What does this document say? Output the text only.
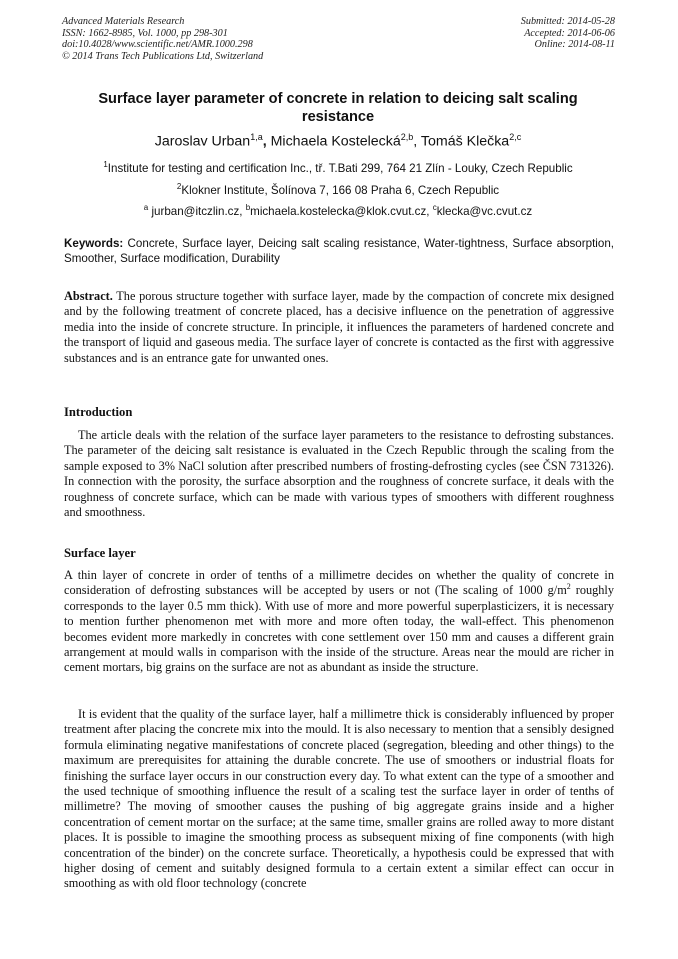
Advanced Materials Research
ISSN: 1662-8985, Vol. 1000, pp 298-301
doi:10.4028/www.scientific.net/AMR.1000.298
© 2014 Trans Tech Publications Ltd, Switzerland
Submitted: 2014-05-28
Accepted: 2014-06-06
Online: 2014-08-11
Surface layer parameter of concrete in relation to deicing salt scaling resistance
Jaroslav Urban$^{1,a}$, Michaela Kostelecká$^{2,b}$, Tomáš Klečka$^{2,c}$
$^1$Institute for testing and certification Inc., tř. T.Bati 299, 764 21 Zlín - Louky, Czech Republic
$^2$Klokner Institute, Šolínova 7, 166 08 Praha 6, Czech Republic
$^a$ jurban@itczlin.cz, $^b$michaela.kostelecka@klok.cvut.cz, $^c$klecka@vc.cvut.cz
Keywords: Concrete, Surface layer, Deicing salt scaling resistance, Water-tightness, Surface absorption, Smoother, Surface modification, Durability
Abstract. The porous structure together with surface layer, made by the compaction of concrete mix designed and by the following treatment of concrete placed, has a decisive influence on the penetration of aggressive media into the inside of concrete structure. In principle, it influences the parameters of hardened concrete and the transport of liquid and gaseous media. The surface layer of concrete is contacted as the first with aggressive substances and is an entrance gate for unwanted ones.
Introduction
The article deals with the relation of the surface layer parameters to the resistance to defrosting substances. The parameter of the deicing salt resistance is evaluated in the Czech Republic through the scaling from the sample exposed to 3% NaCl solution after prescribed numbers of frosting-defrosting cycles (see ČSN 731326). In connection with the porosity, the surface absorption and the roughness of concrete surface, it deals with the roughness of concrete surface, which can be made with various types of smoothers with different roughness and smoothness.
Surface layer
A thin layer of concrete in order of tenths of a millimetre decides on whether the quality of concrete in consideration of defrosting substances will be accepted by users or not (The scaling of 1000 $g/m^2$ roughly corresponds to the layer 0.5 mm thick). With use of more and more powerful superplasticizers, it is necessary to mention further phenomenon met with more and more often today, the wall-effect. This phenomenon becomes evident more markedly in concretes with cone settlement over 150 mm and causes a different grain arrangement at mould walls in comparison with the inside of the structure. Areas near the mould are richer in cement mortars, big grains on the surface are not as abundant as inside the structure.
It is evident that the quality of the surface layer, half a millimetre thick is considerably influenced by proper treatment after placing the concrete mix into the mould. It is also necessary to mention that a sensibly designed formula eliminating negative manifestations of concrete placed (segregation, bleeding and other things) to the maximum are prerequisites for attaining the durable concrete. The use of smoothers or industrial floats for finishing the surface layer occurs in our construction every day. To what extent can the type of a smoother and the used technique of smoothing influence the result of a scaling test the surface layer in order of tenths of millimetre? The moving of smoother causes the pushing of big aggregate grains inside and a higher concentration of cement mortar on the surface; at the same time, smaller grains are rolled away to more distant places. It is possible to imagine the smoothing process as subsequent mixing of fine components (with high concentration of the binder) on the concrete surface. Theoretically, a hypothesis could be expressed that with higher dosing of cement and suitably designed formula to a certain extent a similar effect can occur in smoothing as with old floor technology (concrete
